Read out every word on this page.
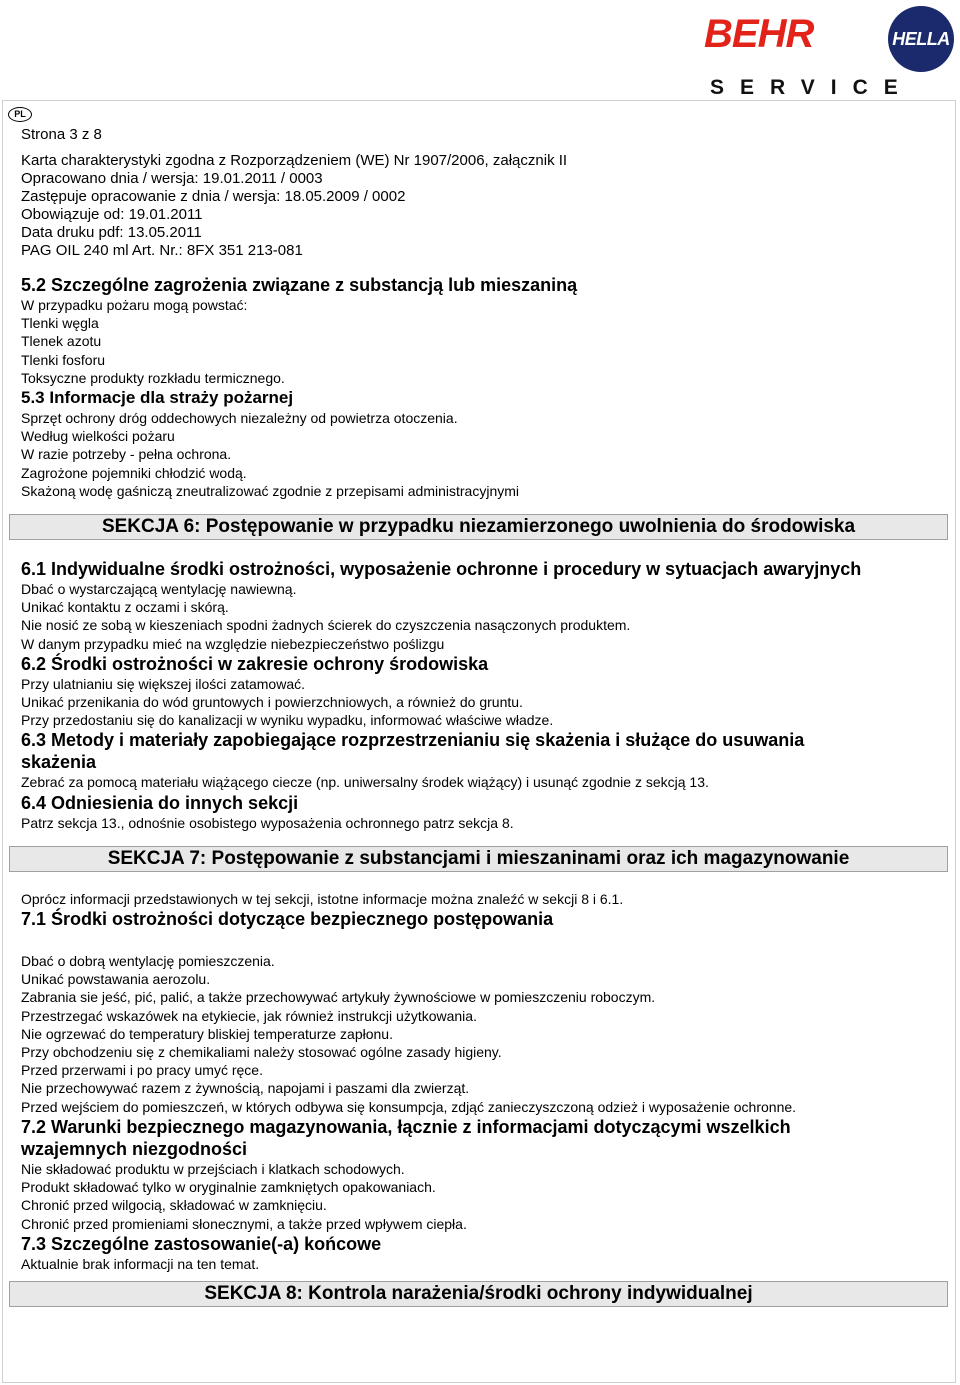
BEHR	HELLA
SERVICE
PL
Strona 3 z 8
Karta charakterystyki zgodna z Rozporządzeniem (WE) Nr 1907/2006, załącznik II
Opracowano dnia / wersja: 19.01.2011 / 0003
Zastępuje opracowanie z dnia / wersja: 18.05.2009 / 0002
Obowiązuje od: 19.01.2011
Data druku pdf: 13.05.2011
PAG OIL 240 ml Art. Nr.: 8FX 351 213-081
5.2 Szczególne zagrożenia związane z substancją lub mieszaniną
W przypadku pożaru mogą powstać:
Tlenki węgla
Tlenek azotu
Tlenki fosforu
Toksyczne produkty rozkładu termicznego.
5.3 Informacje dla straży pożarnej
Sprzęt ochrony dróg oddechowych niezależny od powietrza otoczenia.
Według wielkości pożaru
W razie potrzeby - pełna ochrona.
Zagrożone pojemniki chłodzić wodą.
Skażoną wodę gaśniczą zneutralizować zgodnie z przepisami administracyjnymi
SEKCJA 6: Postępowanie w przypadku niezamierzonego uwolnienia do środowiska
6.1 Indywidualne środki ostrożności, wyposażenie ochronne i procedury w sytuacjach awaryjnych
Dbać o wystarczającą wentylację nawiewną.
Unikać kontaktu z oczami i skórą.
Nie nosić ze sobą w kieszeniach spodni żadnych ścierek do czyszczenia nasączonych produktem.
W danym przypadku mieć na względzie niebezpieczeństwo poślizgu
6.2 Środki ostrożności w zakresie ochrony środowiska
Przy ulatnianiu się większej ilości zatamować.
Unikać przenikania do wód gruntowych i powierzchniowych, a również do gruntu.
Przy przedostaniu się do kanalizacji w wyniku wypadku, informować właściwe władze.
6.3 Metody i materiały zapobiegające rozprzestrzenianiu się skażenia i służące do usuwania
skażenia
Zebrać za pomocą materiału wiążącego ciecze (np. uniwersalny środek wiążący) i usunąć zgodnie z sekcją 13.
6.4 Odniesienia do innych sekcji
Patrz sekcja 13., odnośnie osobistego wyposażenia ochronnego patrz sekcja 8.
SEKCJA 7: Postępowanie z substancjami i mieszaninami oraz ich magazynowanie
Oprócz informacji przedstawionych w tej sekcji, istotne informacje można znaleźć w sekcji 8 i 6.1.
7.1 Środki ostrożności dotyczące bezpiecznego postępowania
Dbać o dobrą wentylację pomieszczenia.
Unikać powstawania aerozolu.
Zabrania sie jeść, pić, palić, a także przechowywać artykuły żywnościowe w pomieszczeniu roboczym.
Przestrzegać wskazówek na etykiecie, jak również instrukcji użytkowania.
Nie ogrzewać do temperatury bliskiej temperaturze zapłonu.
Przy obchodzeniu się z chemikaliami należy stosować ogólne zasady higieny.
Przed przerwami i po pracy umyć ręce.
Nie przechowywać razem z żywnością, napojami i paszami dla zwierząt.
Przed wejściem do pomieszczeń, w których odbywa się konsumpcja, zdjąć zanieczyszczoną odzież i wyposażenie ochronne.
7.2 Warunki bezpiecznego magazynowania, łącznie z informacjami dotyczącymi wszelkich
wzajemnych niezgodności
Nie składować produktu w przejściach i klatkach schodowych.
Produkt składować tylko w oryginalnie zamkniętych opakowaniach.
Chronić przed wilgocią, składować w zamknięciu.
Chronić przed promieniami słonecznymi, a także przed wpływem ciepła.
7.3 Szczególne zastosowanie(-a) końcowe
Aktualnie brak informacji na ten temat.
SEKCJA 8: Kontrola narażenia/środki ochrony indywidualnej
